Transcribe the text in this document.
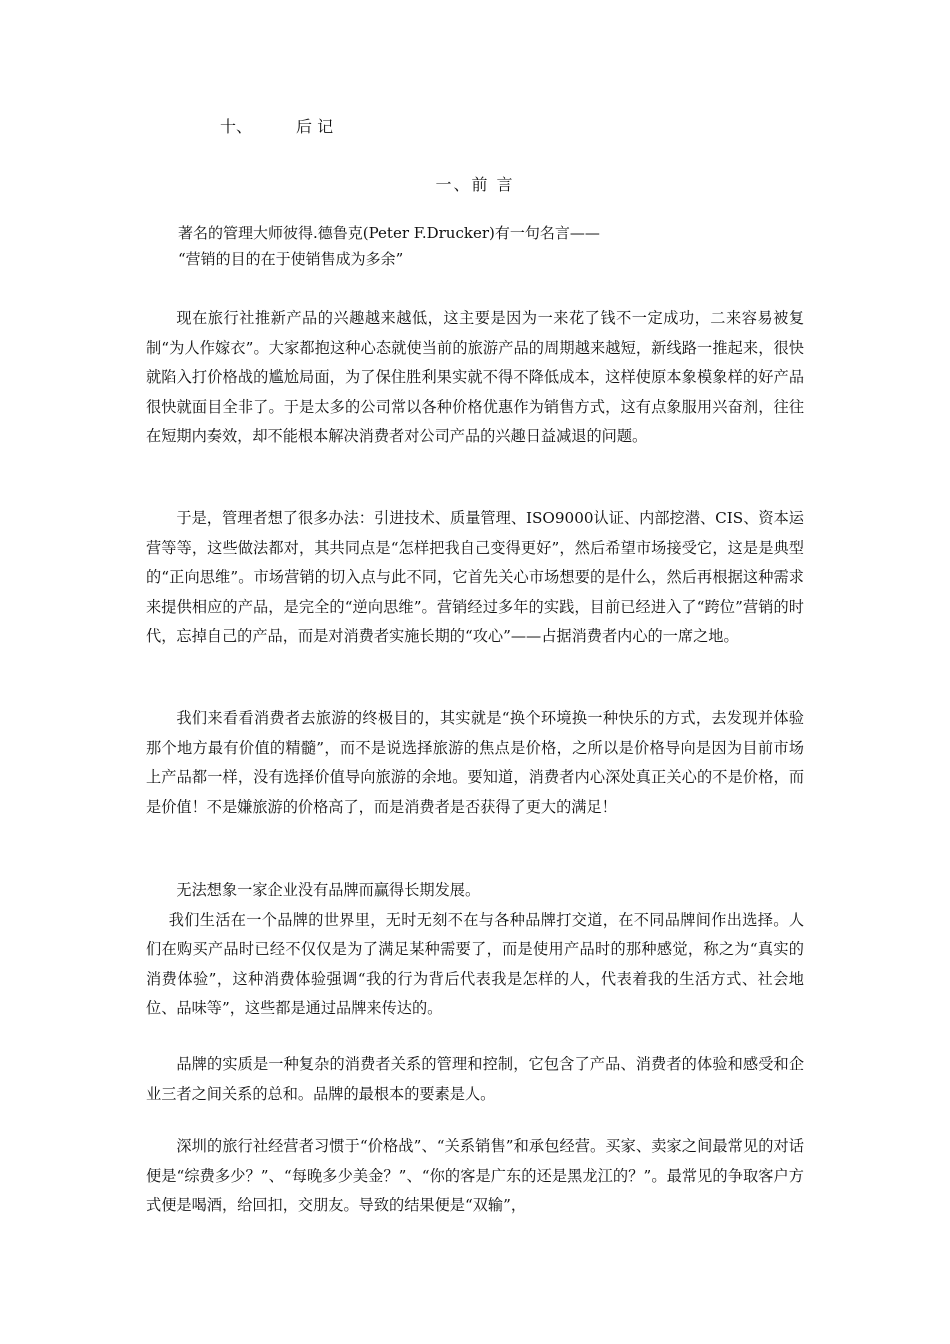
十、	后 记
一、前 言
著名的管理大师彼得.德鲁克(Peter F.Drucker)有一句名言——
“营销的目的在于使销售成为多余”

现在旅行社推新产品的兴趣越来越低，这主要是因为一来花了钱不一定成功，二来容易被复制“为人作嫁衣”。大家都抱这种心态就使当前的旅游产品的周期越来越短，新线路一推起来，很快就陷入打价格战的尴尬局面，为了保住胜利果实就不得不降低成本，这样使原本象模象样的好产品很快就面目全非了。于是太多的公司常以各种价格优惠作为销售方式，这有点象服用兴奋剂，往往在短期内奏效，却不能根本解决消费者对公司产品的兴趣日益减退的问题。

于是，管理者想了很多办法：引进技术、质量管理、ISO9000认证、内部挖潜、CIS、资本运营等等，这些做法都对，其共同点是“怎样把我自己变得更好”，然后希望市场接受它，这是是典型的“正向思维”。市场营销的切入点与此不同，它首先关心市场想要的是什么，然后再根据这种需求来提供相应的产品，是完全的“逆向思维”。营销经过多年的实践，目前已经进入了“跨位”营销的时代，忘掉自己的产品，而是对消费者实施长期的“攻心”——占据消费者内心的一席之地。

我们来看看消费者去旅游的终极目的，其实就是“换个环境换一种快乐的方式，去发现并体验那个地方最有价值的精髓”，而不是说选择旅游的焦点是价格，之所以是价格导向是因为目前市场上产品都一样，没有选择价值导向旅游的余地。要知道，消费者内心深处真正关心的不是价格，而是价值！不是嫌旅游的价格高了，而是消费者是否获得了更大的满足！

无法想象一家企业没有品牌而赢得长期发展。
我们生活在一个品牌的世界里，无时无刻不在与各种品牌打交道，在不同品牌间作出选择。人们在购买产品时已经不仅仅是为了满足某种需要了，而是使用产品时的那种感觉，称之为“真实的消费体验”，这种消费体验强调“我的行为背后代表我是怎样的人，代表着我的生活方式、社会地位、品味等”，这些都是通过品牌来传达的。

品牌的实质是一种复杂的消费者关系的管理和控制，它包含了产品、消费者的体验和感受和企业三者之间关系的总和。品牌的最根本的要素是人。

深圳的旅行社经营者习惯于“价格战”、“关系销售”和承包经营。买家、卖家之间最常见的对话便是“综费多少？”、“每晚多少美金？”、“你的客是广东的还是黑龙江的？”。最常见的争取客户方式便是喝酒，给回扣，交朋友。导致的结果便是“双输”，
